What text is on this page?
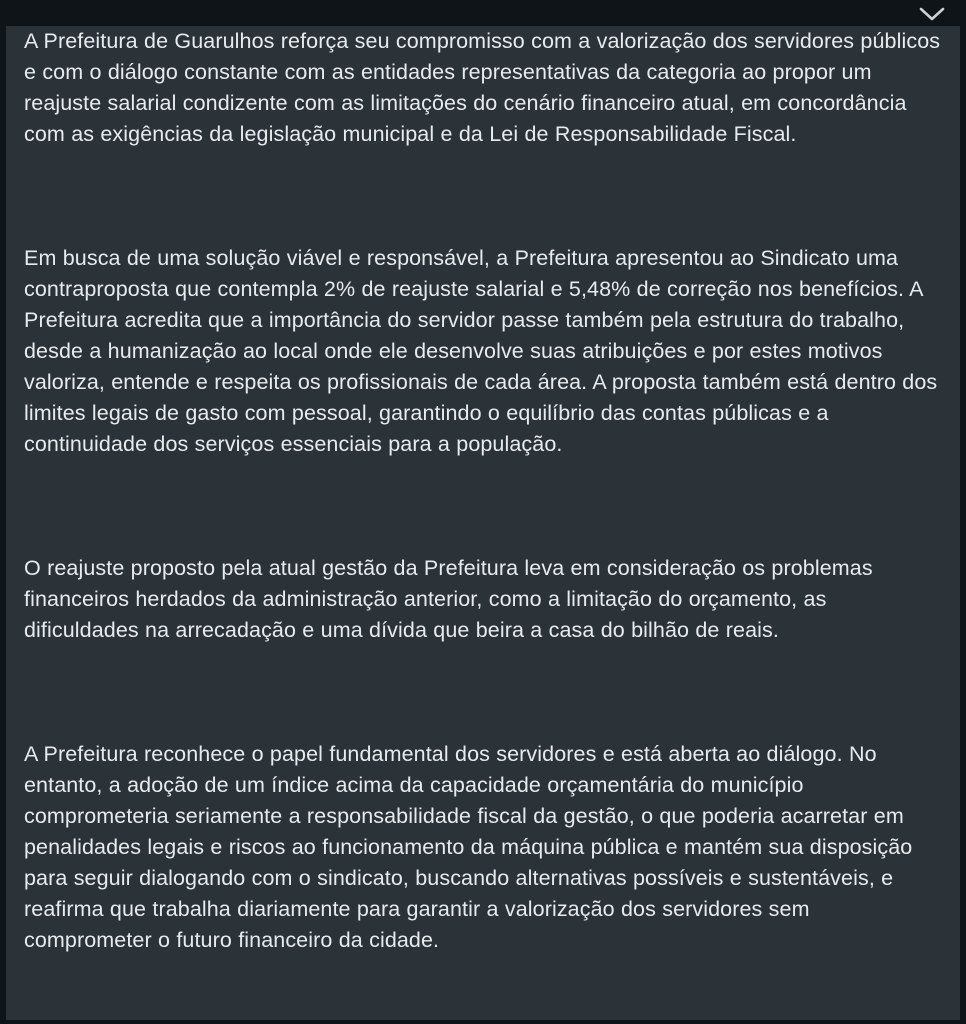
A Prefeitura de Guarulhos reforça seu compromisso com a valorização dos servidores públicos e com o diálogo constante com as entidades representativas da categoria ao propor um reajuste salarial condizente com as limitações do cenário financeiro atual, em concordância com as exigências da legislação municipal e da Lei de Responsabilidade Fiscal.

Em busca de uma solução viável e responsável, a Prefeitura apresentou ao Sindicato uma contraproposta que contempla 2% de reajuste salarial e 5,48% de correção nos benefícios. A Prefeitura acredita que a importância do servidor passe também pela estrutura do trabalho, desde a humanização ao local onde ele desenvolve suas atribuições e por estes motivos valoriza, entende e respeita os profissionais de cada área. A proposta também está dentro dos limites legais de gasto com pessoal, garantindo o equilíbrio das contas públicas e a continuidade dos serviços essenciais para a população.

O reajuste proposto pela atual gestão da Prefeitura leva em consideração os problemas financeiros herdados da administração anterior, como a limitação do orçamento, as dificuldades na arrecadação e uma dívida que beira a casa do bilhão de reais.

A Prefeitura reconhece o papel fundamental dos servidores e está aberta ao diálogo. No entanto, a adoção de um índice acima da capacidade orçamentária do município comprometeria seriamente a responsabilidade fiscal da gestão, o que poderia acarretar em penalidades legais e riscos ao funcionamento da máquina pública e mantém sua disposição para seguir dialogando com o sindicato, buscando alternativas possíveis e sustentáveis, e reafirma que trabalha diariamente para garantir a valorização dos servidores sem comprometer o futuro financeiro da cidade.
